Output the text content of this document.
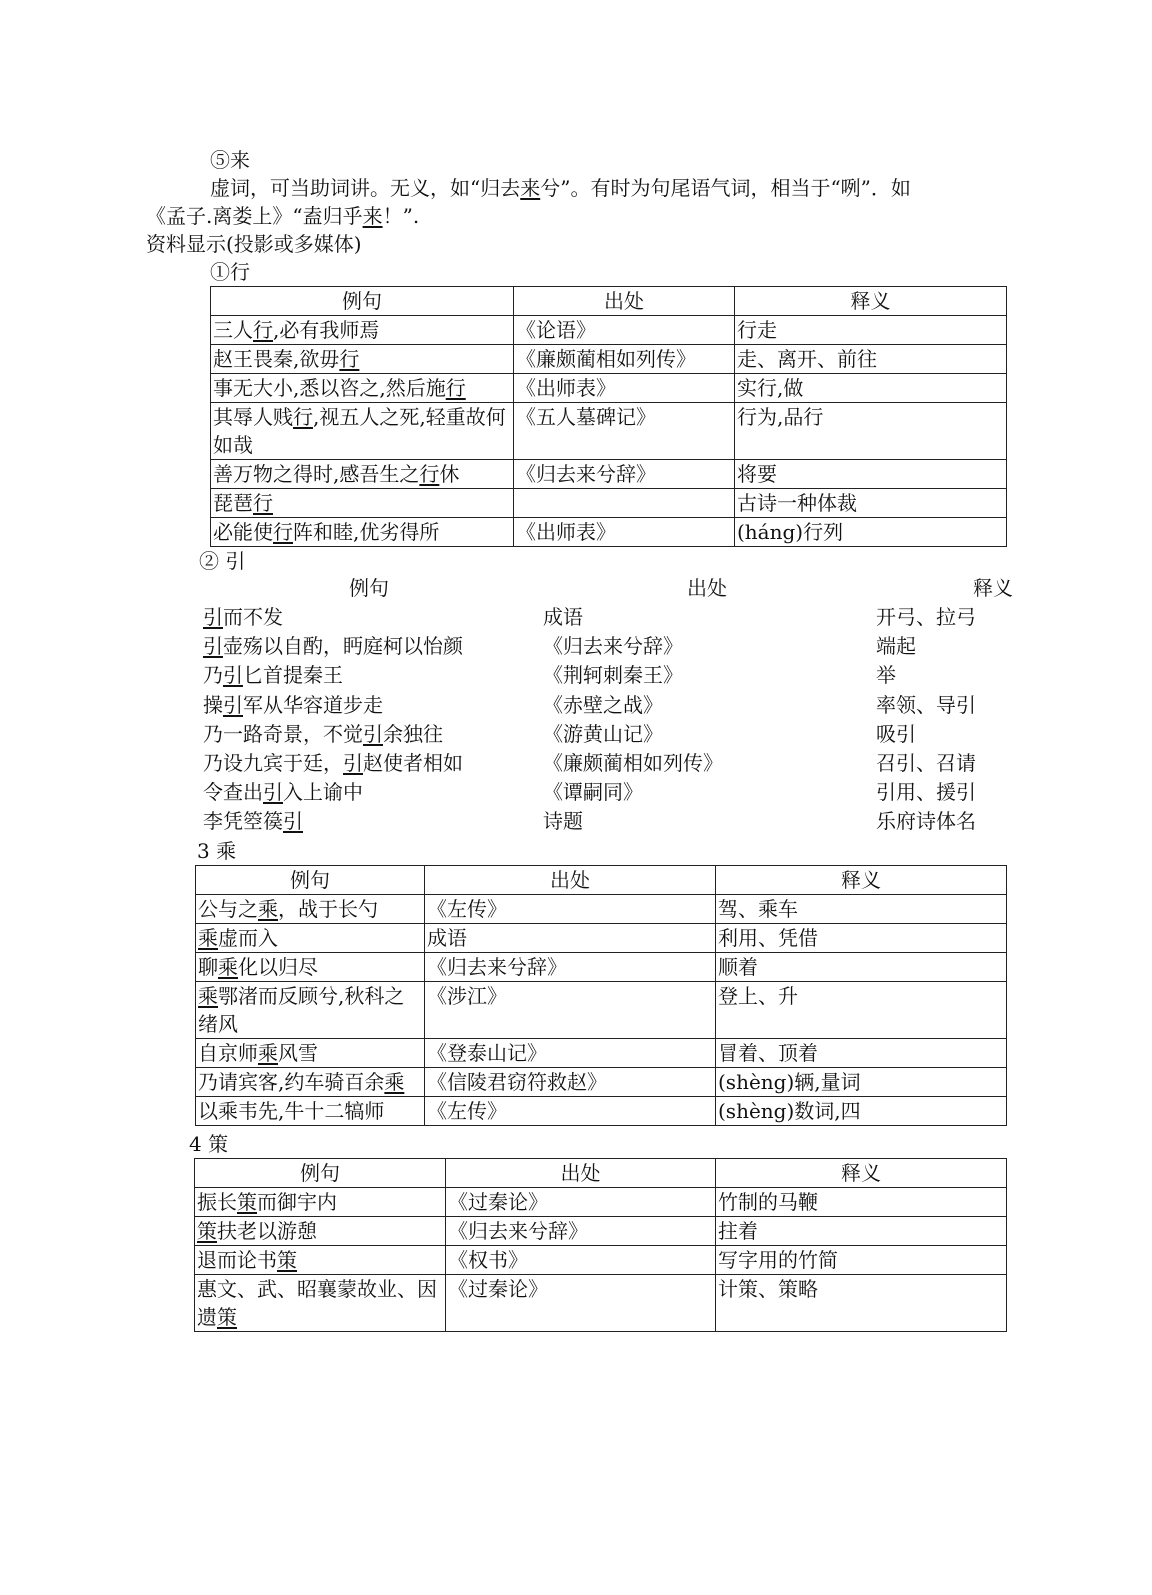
⑤来
虚词，可当助词讲。无义，如“归去来兮”。有时为句尾语气词，相当于“咧”．如
《孟子.离娄上》“盍归乎来！”.
资料显示(投影或多媒体)
①行
例句	出处	释义
三人行,必有我师焉	《论语》	行走
赵王畏秦,欲毋行	《廉颇蔺相如列传》	走、离开、前往
事无大小,悉以咨之,然后施行	《出师表》	实行,做
其辱人贱行,视五人之死,轻重故何如哉	《五人墓碑记》	行为,品行
善万物之得时,感吾生之行休	《归去来兮辞》	将要
琵琶行		古诗一种体裁
必能使行阵和睦,优劣得所	《出师表》	(háng)行列
② 引
例句	出处	释义
引而不发	成语	开弓、拉弓
引壶殇以自酌，眄庭柯以怡颜	《归去来兮辞》	端起
乃引匕首提秦王	《荆轲刺秦王》	举
操引军从华容道步走	《赤壁之战》	率领、导引
乃一路奇景，不觉引余独往	《游黄山记》	吸引
乃设九宾于廷，引赵使者相如	《廉颇蔺相如列传》	召引、召请
令查出引入上谕中	《谭嗣同》	引用、援引
李凭箜篌引	诗题	乐府诗体名
3 乘
例句	出处	释义
公与之乘，战于长勺	《左传》	驾、乘车
乘虚而入	成语	利用、凭借
聊乘化以归尽	《归去来兮辞》	顺着
乘鄂渚而反顾兮,秋科之绪风	《涉江》	登上、升
自京师乘风雪	《登泰山记》	冒着、顶着
乃请宾客,约车骑百余乘	《信陵君窃符救赵》	(shèng)辆,量词
以乘韦先,牛十二犒师	《左传》	(shèng)数词,四
4 策
例句	出处	释义
振长策而御宇内	《过秦论》	竹制的马鞭
策扶老以游憩	《归去来兮辞》	拄着
退而论书策	《权书》	写字用的竹简
惠文、武、昭襄蒙故业、因遗策	《过秦论》	计策、策略
